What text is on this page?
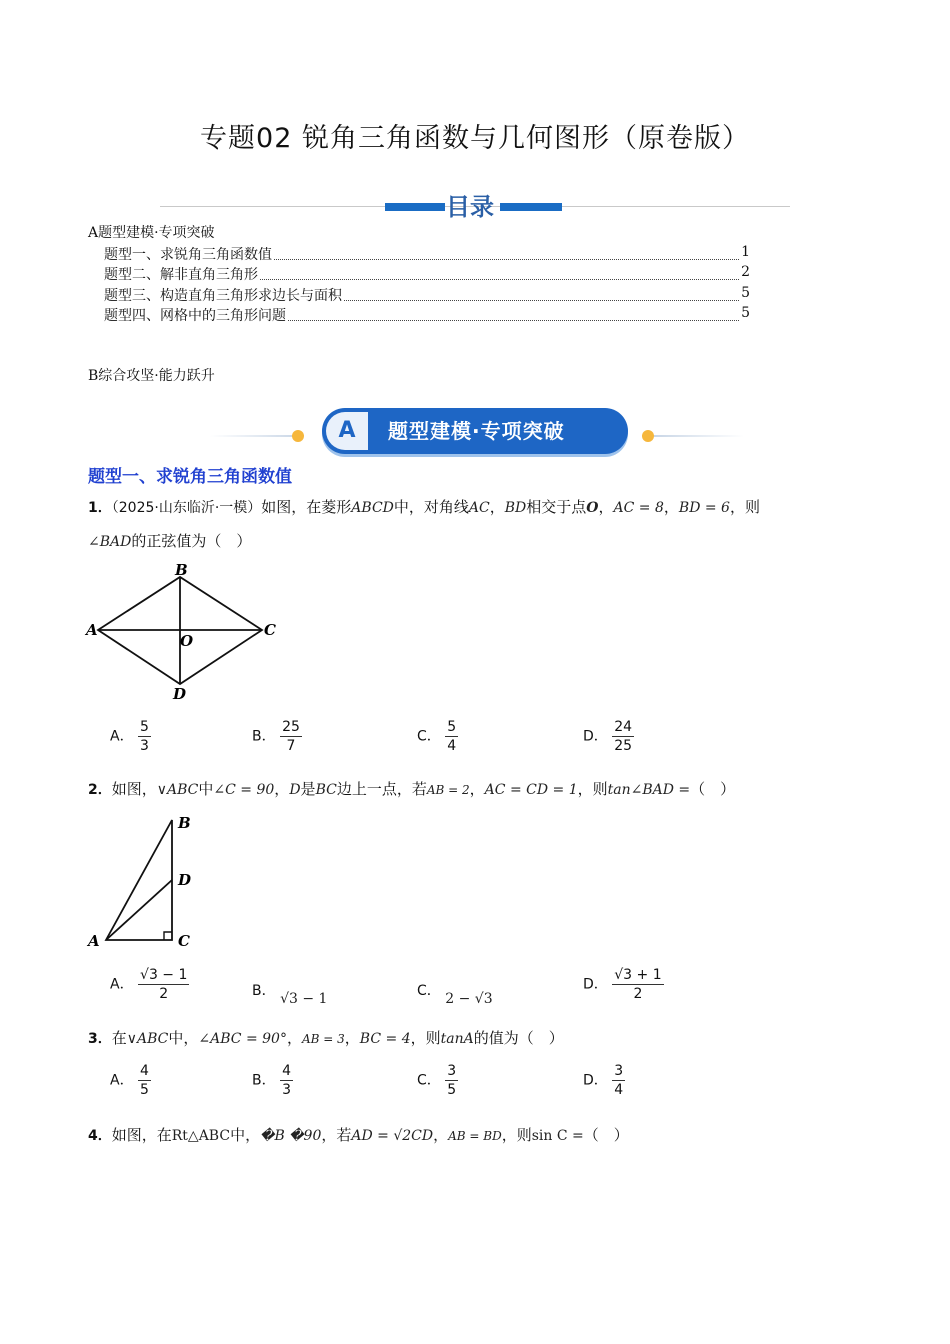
专题02 锐角三角函数与几何图形（原卷版）
目录
A题型建模·专项突破
题型一、求锐角三角函数值	1
题型二、解非直角三角形	2
题型三、构造直角三角形求边长与面积	5
题型四、网格中的三角形问题	5
B综合攻坚·能力跃升
A	题型建模·专项突破
题型一、求锐角三角函数值
1．（2025·山东临沂·一模）如图，在菱形ABCD中，对角线AC，BD相交于点O，AC = 8，BD = 6，则
∠BAD的正弦值为（　）
A
B
C
D
O
A． $\frac{5}{3}$	B． $\frac{25}{7}$	C． $\frac{5}{4}$	D． $\frac{24}{25}$
2．如图，∨ABC中∠C = 90，D是BC边上一点，若AB = 2，AC = CD = 1，则tan∠BAD =（　）
A
B
C
D
A． $\frac{√3 - 1}{2}$	B． √3 − 1	C． 2 − √3
D． $\frac{√3 + 1}{2}$
3．在∨ABC中，∠ABC = 90°，AB = 3，BC = 4，则tanA的值为（　）
A． $\frac{4}{5}$	B． $\frac{4}{3}$	C． $\frac{3}{5}$	D． $\frac{3}{4}$
4．如图，在Rt△ABC中，�B �90，若AD = √2CD，AB = BD，则sin C =（　）
